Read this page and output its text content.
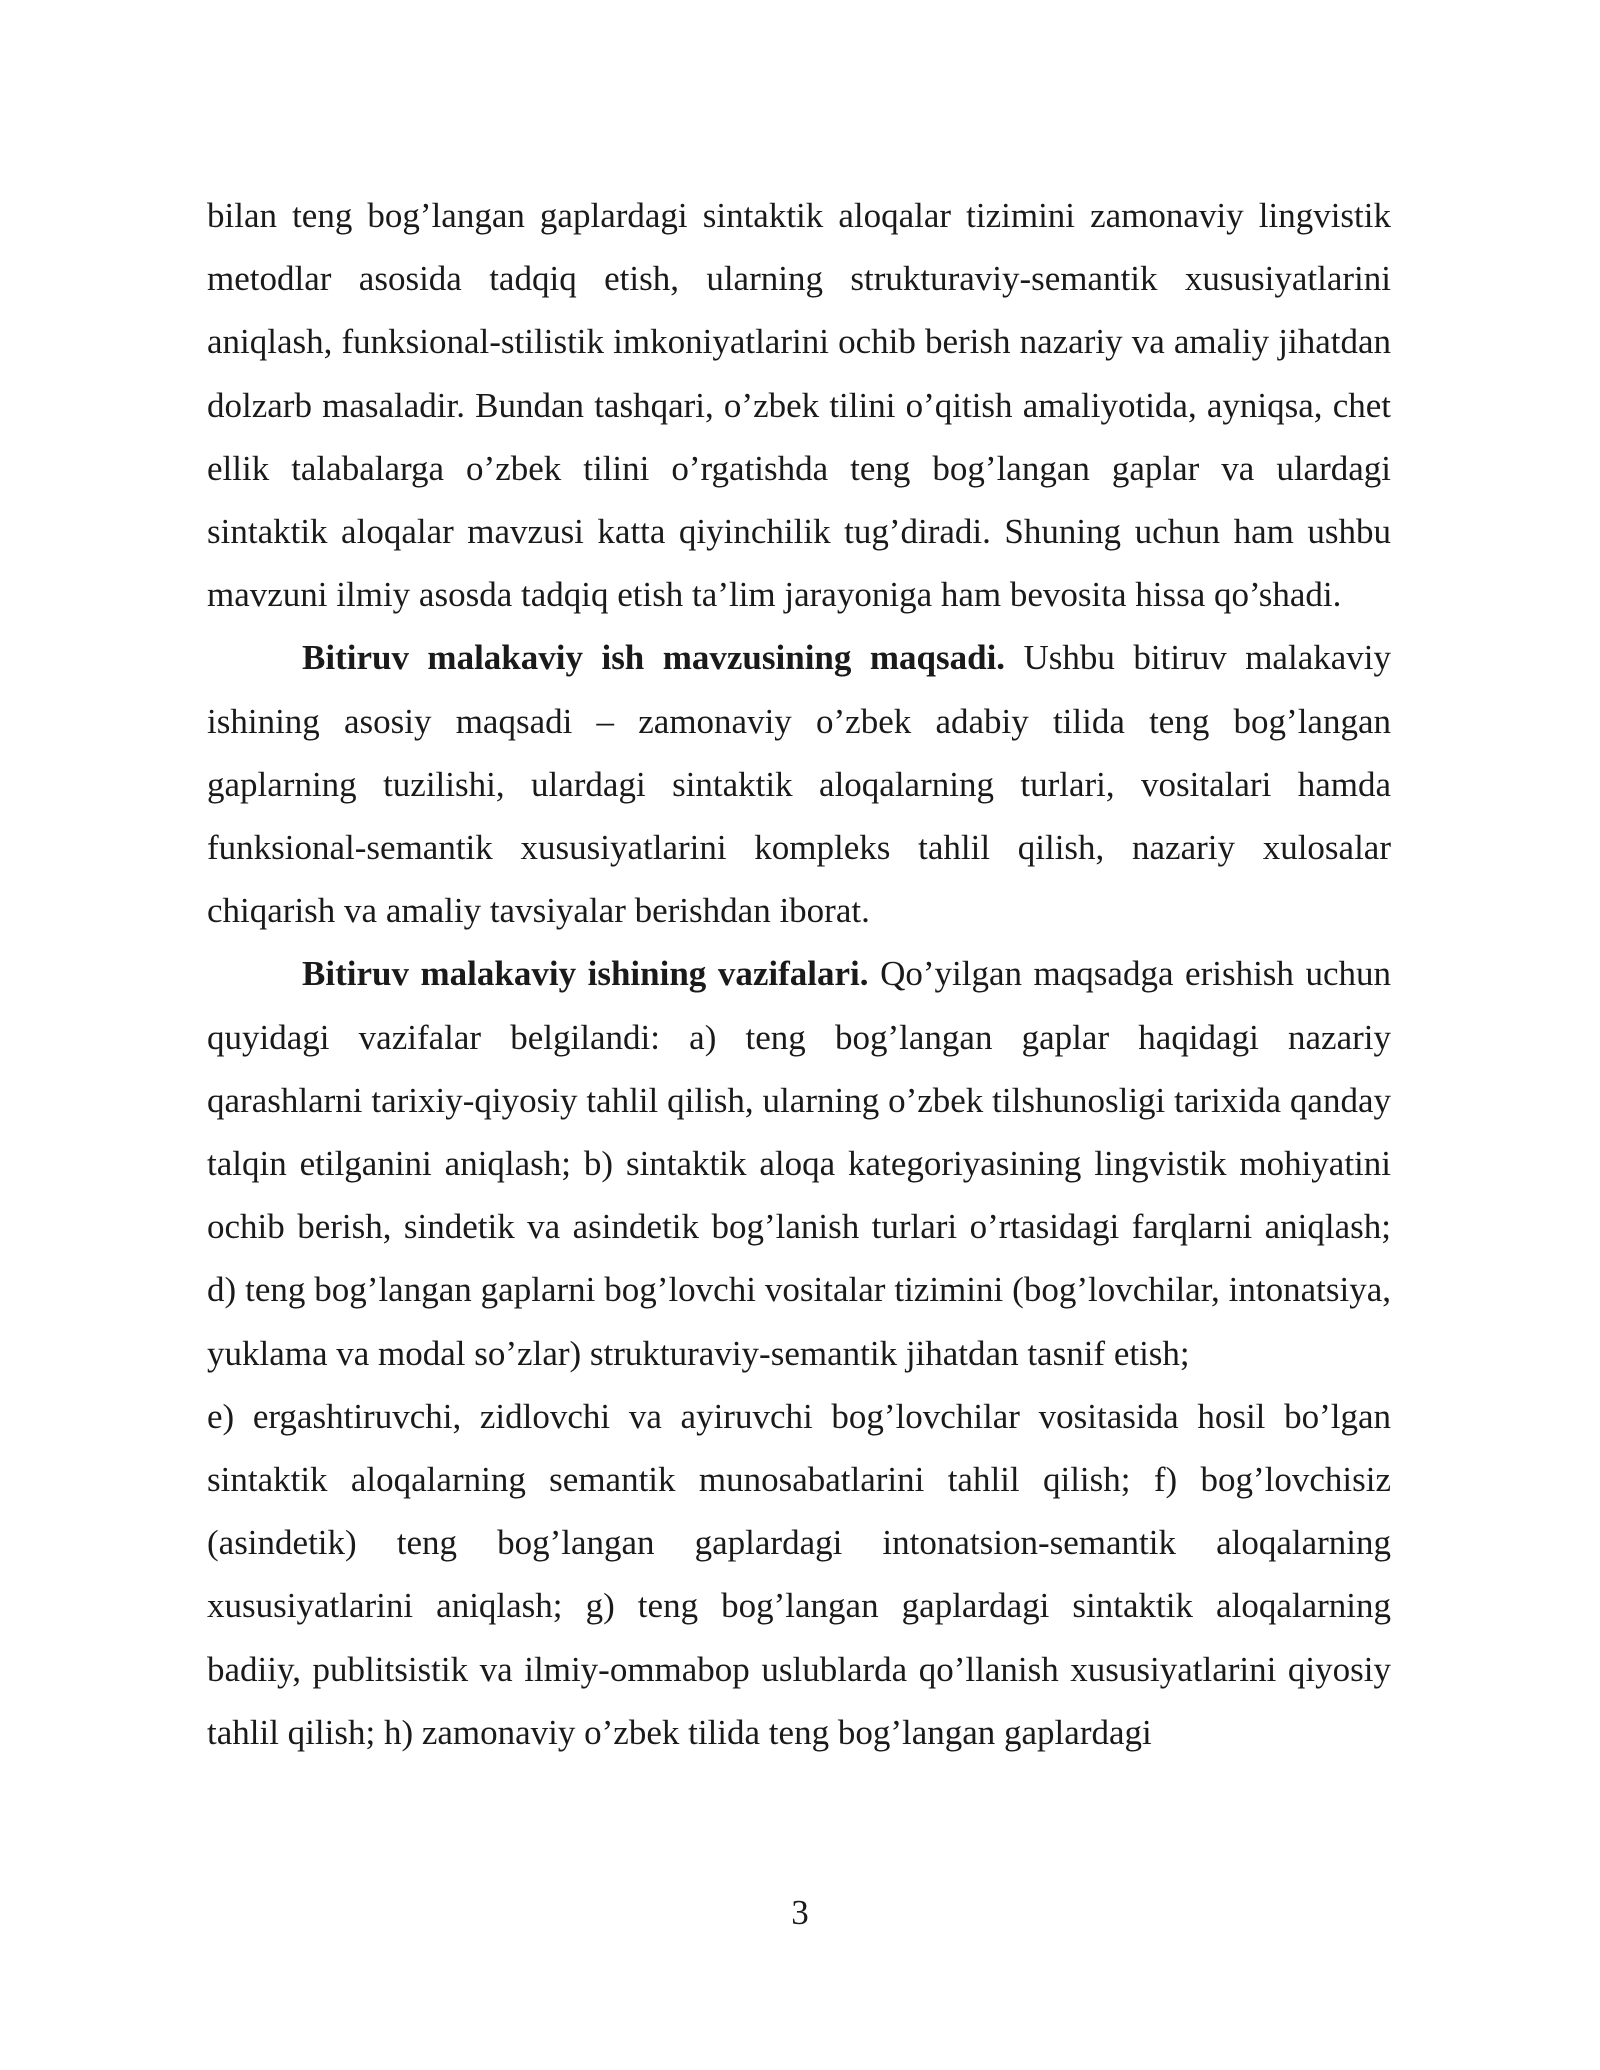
bilan teng bog’langan gaplardagi sintaktik aloqalar tizimini zamonaviy lingvistik metodlar asosida tadqiq etish, ularning strukturaviy-semantik xususiyatlarini aniqlash, funksional-stilistik imkoniyatlarini ochib berish nazariy va amaliy jihatdan dolzarb masaladir. Bundan tashqari, o’zbek tilini o’qitish amaliyotida, ayniqsa, chet ellik talabalarga o’zbek tilini o’rgatishda teng bog’langan gaplar va ulardagi sintaktik aloqalar mavzusi katta qiyinchilik tug’diradi. Shuning uchun ham ushbu mavzuni ilmiy asosda tadqiq etish ta’lim jarayoniga ham bevosita hissa qo’shadi.

Bitiruv malakaviy ish mavzusining maqsadi. Ushbu bitiruv malakaviy ishining asosiy maqsadi – zamonaviy o’zbek adabiy tilida teng bog’langan gaplarning tuzilishi, ulardagi sintaktik aloqalarning turlari, vositalari hamda funksional-semantik xususiyatlarini kompleks tahlil qilish, nazariy xulosalar chiqarish va amaliy tavsiyalar berishdan iborat.

Bitiruv malakaviy ishining vazifalari. Qo’yilgan maqsadga erishish uchun quyidagi vazifalar belgilandi: a) teng bog’langan gaplar haqidagi nazariy qarashlarni tarixiy-qiyosiy tahlil qilish, ularning o’zbek tilshunosligi tarixida qanday talqin etilganini aniqlash; b) sintaktik aloqa kategoriyasining lingvistik mohiyatini ochib berish, sindetik va asindetik bog’lanish turlari o’rtasidagi farqlarni aniqlash; d) teng bog’langan gaplarni bog’lovchi vositalar tizimini (bog’lovchilar, intonatsiya, yuklama va modal so’zlar) strukturaviy-semantik jihatdan tasnif etish;

e) ergashtiruvchi, zidlovchi va ayiruvchi bog’lovchilar vositasida hosil bo’lgan sintaktik aloqalarning semantik munosabatlarini tahlil qilish; f) bog’lovchisiz (asindetik) teng bog’langan gaplardagi intonatsion-semantik aloqalarning xususiyatlarini aniqlash; g) teng bog’langan gaplardagi sintaktik aloqalarning badiiy, publitsistik va ilmiy-ommabop uslublarda qo’llanish xususiyatlarini qiyosiy tahlil qilish; h) zamonaviy o’zbek tilida teng bog’langan gaplardagi

3
